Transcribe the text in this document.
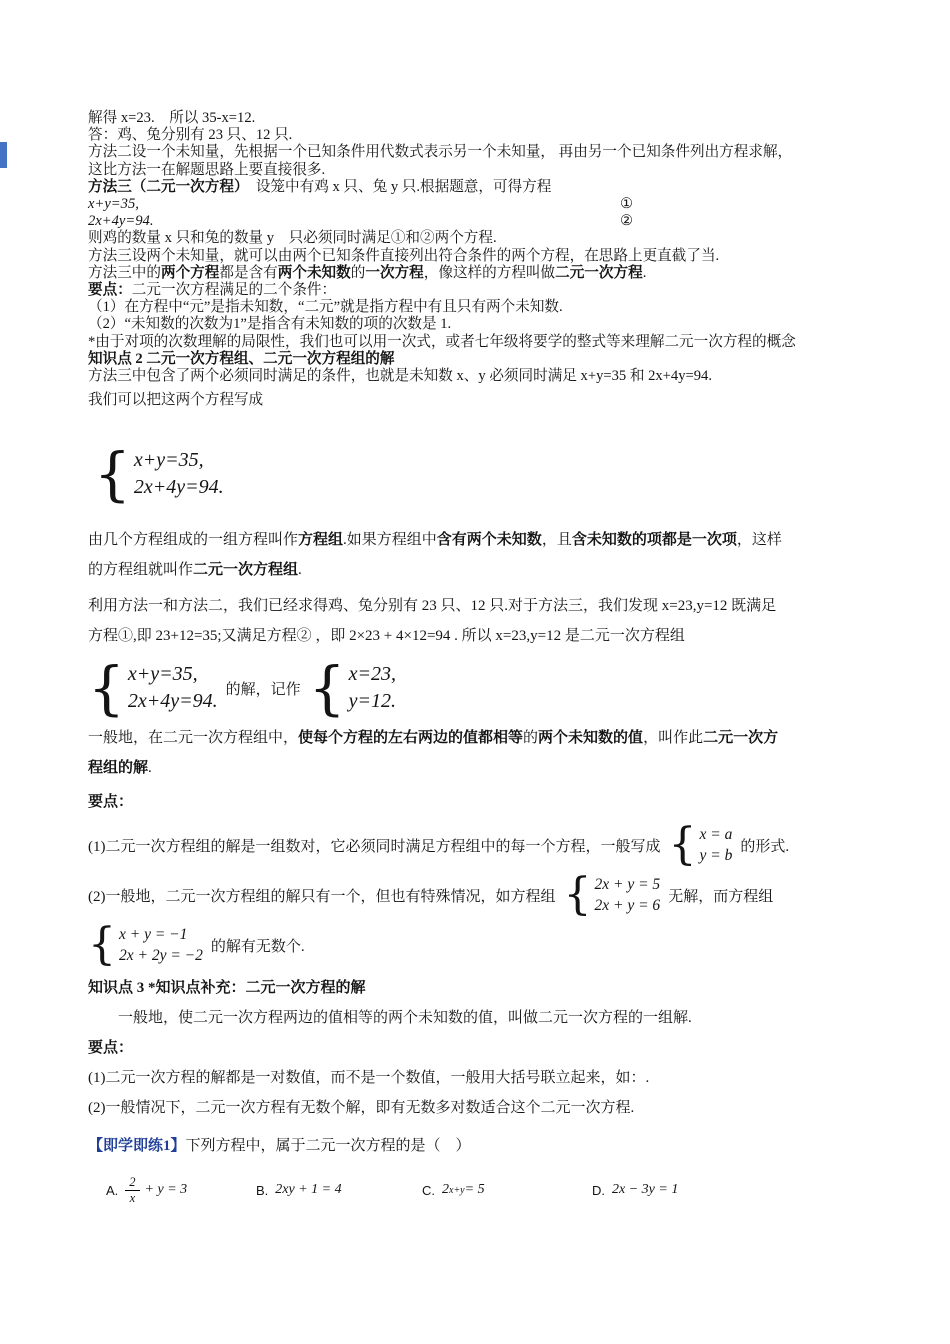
解得 x=23.　所以 35-x=12.

答：鸡、兔分别有 23 只、12 只.

方法二设一个未知量，先根据一个已知条件用代数式表示另一个未知量， 再由另一个已知条件列出方程求解，

这比方法一在解题思路上要直接很多.

方法三（二元一次方程）　设笼中有鸡 x 只、兔 y 只.根据题意，可得方程

x+y=35,	①

2x+4y=94.	②

则鸡的数量 x 只和兔的数量 y　只必须同时满足①和②两个方程.

方法三设两个未知量，就可以由两个已知条件直接列出符合条件的两个方程，在思路上更直截了当.

方法三中的两个方程都是含有两个未知数的一次方程，像这样的方程叫做二元一次方程.

要点：二元一次方程满足的二个条件：

（1）在方程中“元”是指未知数，“二元”就是指方程中有且只有两个未知数.

（2）“未知数的次数为1”是指含有未知数的项的次数是 1.

*由于对项的次数理解的局限性，我们也可以用一次式，或者七年级将要学的整式等来理解二元一次方程的概念

知识点 2 二元一次方程组、二元一次方程组的解

方法三中包含了两个必须同时满足的条件，也就是未知数 x、y 必须同时满足 x+y=35 和 2x+4y=94.

我们可以把这两个方程写成

{ x+y=35,
2x+4y=94.

由几个方程组成的一组方程叫作方程组.如果方程组中含有两个未知数，且含未知数的项都是一次项，这样

的方程组就叫作二元一次方程组.

利用方法一和方法二，我们已经求得鸡、兔分别有 23 只、12 只.对于方法三，我们发现 x=23,y=12 既满足

方程①,即 23+12=35;又满足方程② ，即 2×23 + 4×12=94 . 所以 x=23,y=12 是二元一次方程组

{ x+y=35,
2x+4y=94.
的解，记作 { x=23,
y=12.

一般地，在二元一次方程组中，使每个方程的左右两边的值都相等的两个未知数的值，叫作此二元一次方

程组的解.

要点：

(1)二元一次方程组的解是一组数对，它必须同时满足方程组中的每一个方程，一般写成 { x = a
y = b
的形式.
(2)一般地，二元一次方程组的解只有一个，但也有特殊情况，如方程组 { 2x + y = 5
2x + y = 6
无解，而方程组
{ x + y = −1
2x + 2y = −2
的解有无数个.

知识点 3 *知识点补充：二元一次方程的解

一般地，使二元一次方程两边的值相等的两个未知数的值，叫做二元一次方程的一组解.

要点：

(1)二元一次方程的解都是一对数值，而不是一个数值，一般用大括号联立起来，如：.

(2)一般情况下，二元一次方程有无数个解，即有无数多对数适合这个二元一次方程.

【即学即练1】下列方程中，属于二元一次方程的是（　）

A. $\frac{2}{x} + y = 3$	B. 2xy + 1 = 4	C. 2 x+y = 5	D. 2x − 3y = 1
